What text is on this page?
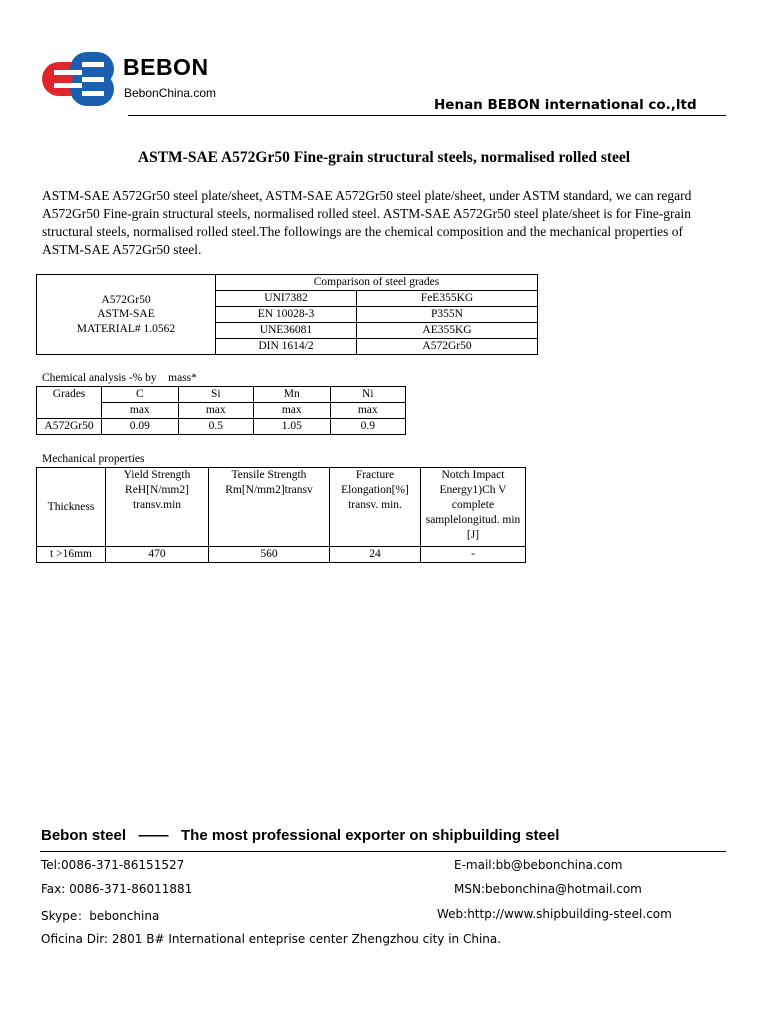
BEBON
BebonChina.com
Henan BEBON international co.,ltd
ASTM-SAE A572Gr50 Fine-grain structural steels, normalised rolled steel
ASTM-SAE A572Gr50 steel plate/sheet, ASTM-SAE A572Gr50 steel plate/sheet, under ASTM standard, we can regard A572Gr50 Fine-grain structural steels, normalised rolled steel. ASTM-SAE A572Gr50 steel plate/sheet is for Fine-grain structural steels, normalised rolled steel.The followings are the chemical composition and the mechanical properties of ASTM-SAE A572Gr50 steel.
A572Gr50
ASTM-SAE
MATERIAL# 1.0562	Comparison of steel grades	
	UNI7382	FeE355KG
	EN 10028-3	P355N
	UNE36081	AE355KG
	DIN 1614/2	A572Gr50
Chemical analysis -% by    mass*
Grades	C	Si	Mn	Ni
	max	max	max	max
A572Gr50	0.09	0.5	1.05	0.9
Mechanical properties
Thickness	Yield Strength ReH[N/mm2] transv.min	Tensile Strength Rm[N/mm2]transv	Fracture Elongation[%] transv. min.	Notch Impact Energy1)Ch V complete samplelongitud. min [J]
t >16mm	470	560	24	-
Bebon steel   ——   The most professional exporter on shipbuilding steel
Tel:0086-371-86151527	E-mail:bb@bebonchina.com
Fax: 0086-371-86011881	MSN:bebonchina@hotmail.com
Skype：bebonchina	Web:http://www.shipbuilding-steel.com
Oficina Dir: 2801 B# International enteprise center Zhengzhou city in China.
